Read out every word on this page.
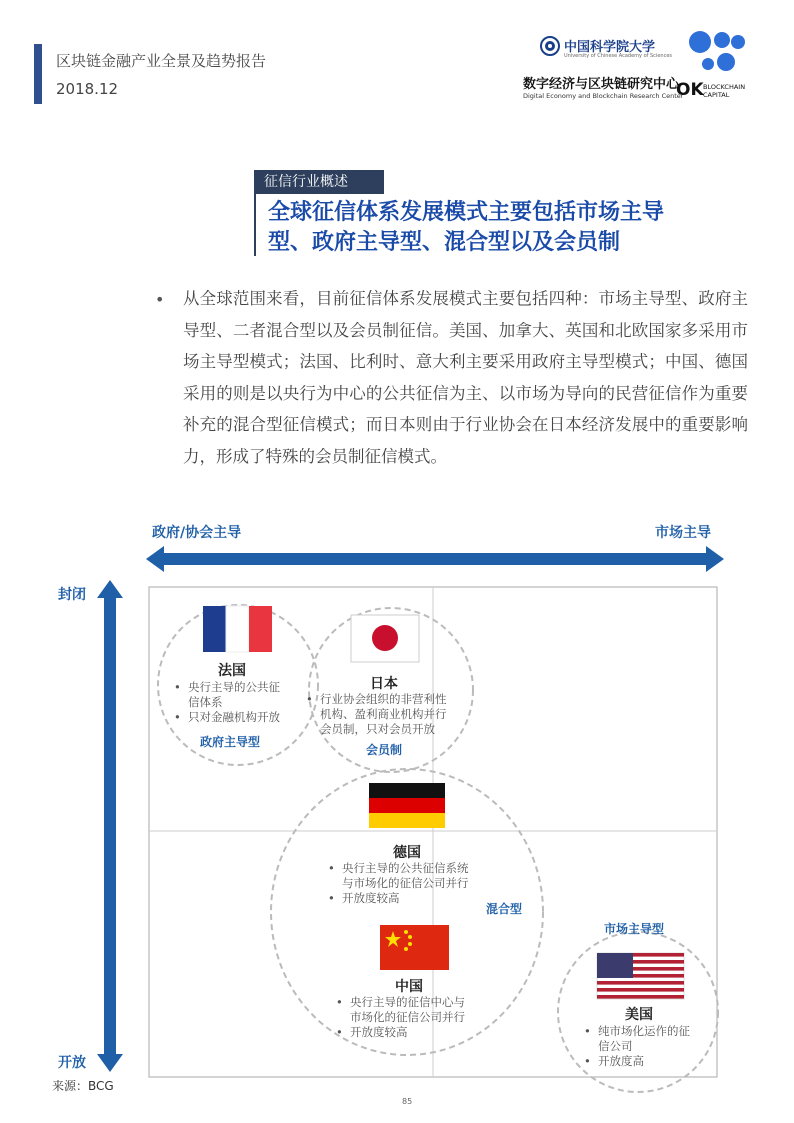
区块链金融产业全景及趋势报告
2018.12
中国科学院大学
University of Chinese Academy of Sciences
数字经济与区块链研究中心
Digital Economy and Blockchain Research Center
OK BLOCKCHAIN
CAPITAL
征信行业概述
全球征信体系发展模式主要包括市场主导
型、政府主导型、混合型以及会员制
• 从全球范围来看，目前征信体系发展模式主要包括四种：市场主导型、政府主导型、二者混合型以及会员制征信。美国、加拿大、英国和北欧国家多采用市场主导型模式；法国、比利时、意大利主要采用政府主导型模式；中国、德国采用的则是以央行为中心的公共征信为主、以市场为导向的民营征信作为重要补充的混合型征信模式；而日本则由于行业协会在日本经济发展中的重要影响力，形成了特殊的会员制征信模式。
政府/协会主导	市场主导
封闭
开放
法国
• 央行主导的公共征
信体系
• 只对金融机构开放
政府主导型
日本
• 行业协会组织的非营利性
机构、盈利商业机构并行
会员制，只对会员开放
会员制
德国
• 央行主导的公共征信系统
与市场化的征信公司并行
• 开放度较高
混合型
中国
• 央行主导的征信中心与
市场化的征信公司并行
• 开放度较高
市场主导型
美国
• 纯市场化运作的征
信公司
• 开放度高
来源：BCG
85
